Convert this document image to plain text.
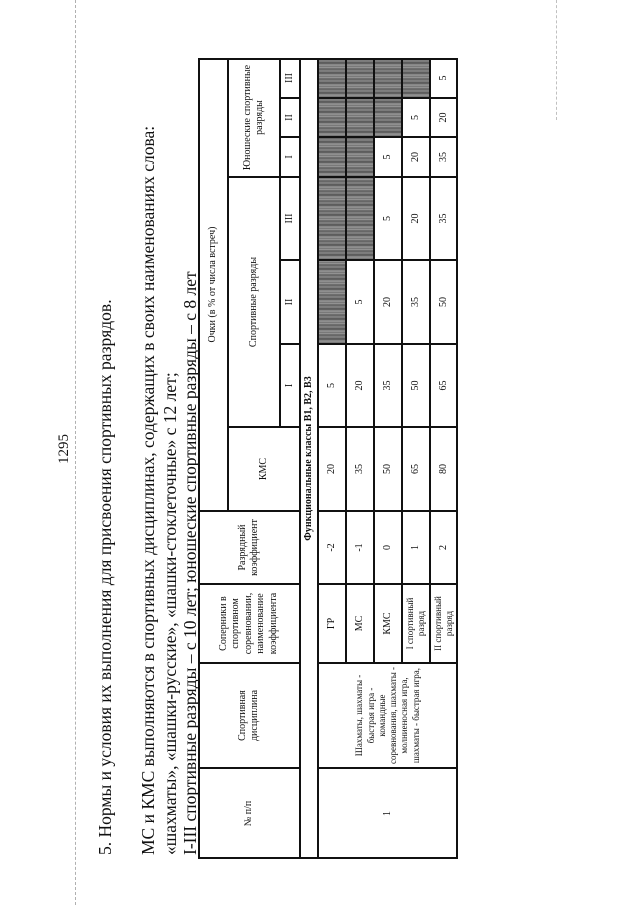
1295 5. Нормы и условия их выполнения для присвоения спортивных разрядов. МС и КМС выполняются в спортивных дисциплинах, содержащих в своих наименованиях слова: «шахматы», «шашки-русские», «шашки-стоклеточные» с 12 лет; I-III спортивные разряды – с 10 лет; юношеские спортивные разряды – с 8 лет	№ п/п
Спортивная дисциплина
Соперники в спортивном соревновании, наименование коэффициента
Разрядный коэффициент
Очки (в % от числа встреч)
КМС
Спортивные разряды
Юношеские спортивные разряды
I
II
III
I
II
III
Функциональные классы B1, B2, B3
1
Шахматы, шахматы - быстрая игра - командные соревнования, шахматы - молниеносная игра, шахматы - быстрая игра,
ГР
-2
20
5
МС
-1
35
20
5
КМС
0
50
35
20
5
5
I спортивный разряд
1
65
50
35
20
20
5
II спортивный разряд
2
80
65
50
35
35
20
5
